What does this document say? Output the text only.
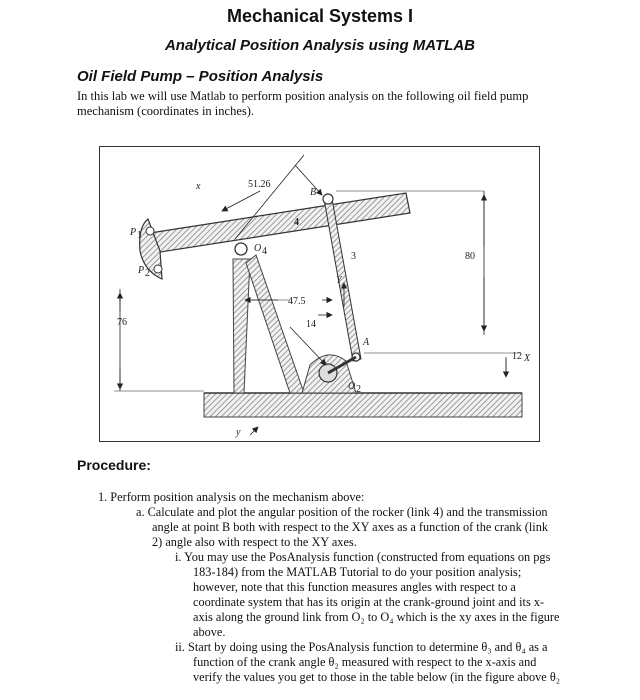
Mechanical Systems I
Analytical Position Analysis using MATLAB
Oil Field Pump – Position Analysis
In this lab we will use Matlab to perform position analysis on the following oil field pump
mechanism (coordinates in inches).
51.26
80
47.5
14
76
12
4
3
B
A
O 4
O 2
P 1
P 2
x
y
X
Y
Procedure:
1. Perform position analysis on the mechanism above:
a. Calculate and plot the angular position of the rocker (link 4) and the transmission
angle at point B both with respect to the XY axes as a function of the crank (link
2) angle also with respect to the XY axes.
i. You may use the PosAnalysis function (constructed from equations on pgs
183-184) from the MATLAB Tutorial to do your position analysis;
however, note that this function measures angles with respect to a
coordinate system that has its origin at the crank-ground joint and its x-
axis along the ground link from O₂ to O₄ which is the xy axes in the figure
above.
ii. Start by doing using the PosAnalysis function to determine θ₃ and θ₄ as a
function of the crank angle θ₂ measured with respect to the x-axis and
verify the values you get to those in the table below (in the figure above θ₂
